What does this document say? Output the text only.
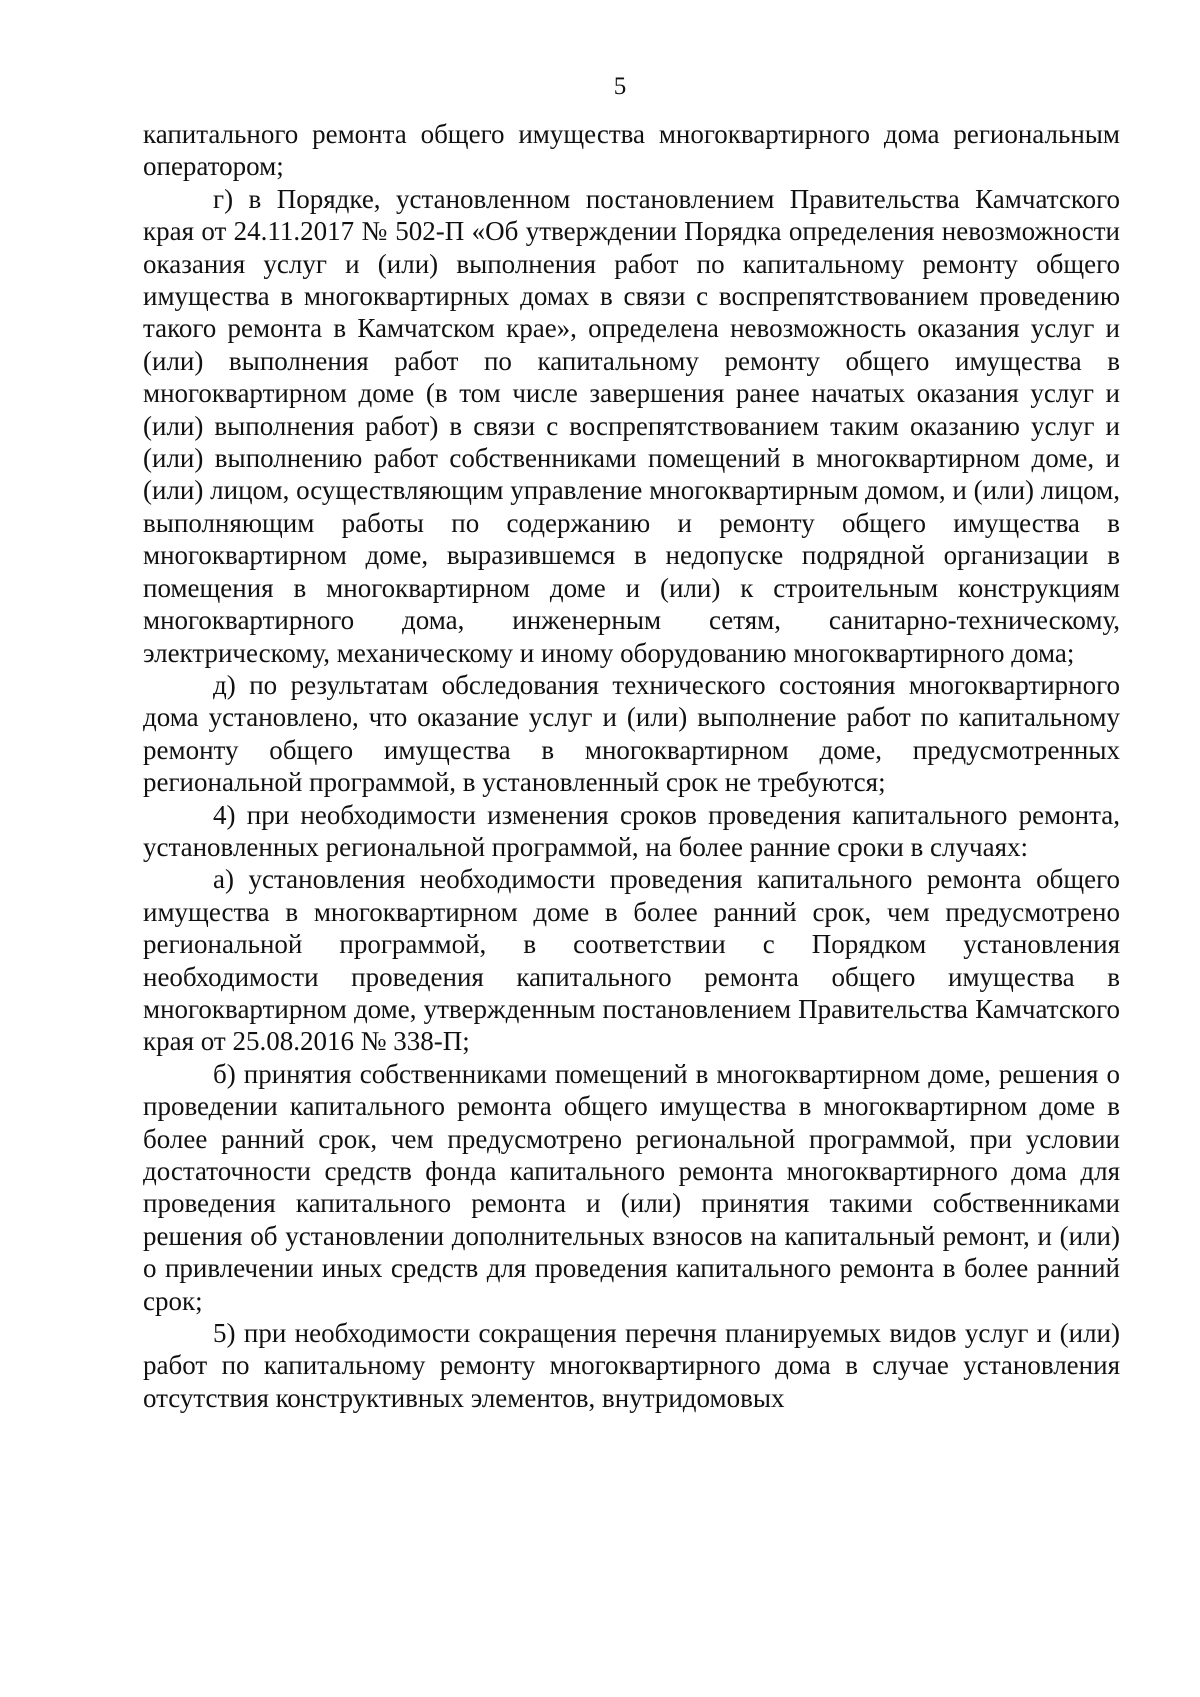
5

капитального ремонта общего имущества многоквартирного дома региональным оператором;

г) в Порядке, установленном постановлением Правительства Камчатского края от 24.11.2017 № 502-П «Об утверждении Порядка определения невозможности оказания услуг и (или) выполнения работ по капитальному ремонту общего имущества в многоквартирных домах в связи с воспрепятствованием проведению такого ремонта в Камчатском крае», определена невозможность оказания услуг и (или) выполнения работ по капитальному ремонту общего имущества в многоквартирном доме (в том числе завершения ранее начатых оказания услуг и (или) выполнения работ) в связи с воспрепятствованием таким оказанию услуг и (или) выполнению работ собственниками помещений в многоквартирном доме, и (или) лицом, осуществляющим управление многоквартирным домом, и (или) лицом, выполняющим работы по содержанию и ремонту общего имущества в многоквартирном доме, выразившемся в недопуске подрядной организации в помещения в многоквартирном доме и (или) к строительным конструкциям многоквартирного дома, инженерным сетям, санитарно-техническому, электрическому, механическому и иному оборудованию многоквартирного дома;

д) по результатам обследования технического состояния многоквартирного дома установлено, что оказание услуг и (или) выполнение работ по капитальному ремонту общего имущества в многоквартирном доме, предусмотренных региональной программой, в установленный срок не требуются;

4) при необходимости изменения сроков проведения капитального ремонта, установленных региональной программой, на более ранние сроки в случаях:

а) установления необходимости проведения капитального ремонта общего имущества в многоквартирном доме в более ранний срок, чем предусмотрено региональной программой, в соответствии с Порядком установления необходимости проведения капитального ремонта общего имущества в многоквартирном доме, утвержденным постановлением Правительства Камчатского края от 25.08.2016 № 338-П;

б) принятия собственниками помещений в многоквартирном доме, решения о проведении капитального ремонта общего имущества в многоквартирном доме в более ранний срок, чем предусмотрено региональной программой, при условии достаточности средств фонда капитального ремонта многоквартирного дома для проведения капитального ремонта и (или) принятия такими собственниками решения об установлении дополнительных взносов на капитальный ремонт, и (или) о привлечении иных средств для проведения капитального ремонта в более ранний срок;

5) при необходимости сокращения перечня планируемых видов услуг и (или) работ по капитальному ремонту многоквартирного дома в случае установления отсутствия конструктивных элементов, внутридомовых
